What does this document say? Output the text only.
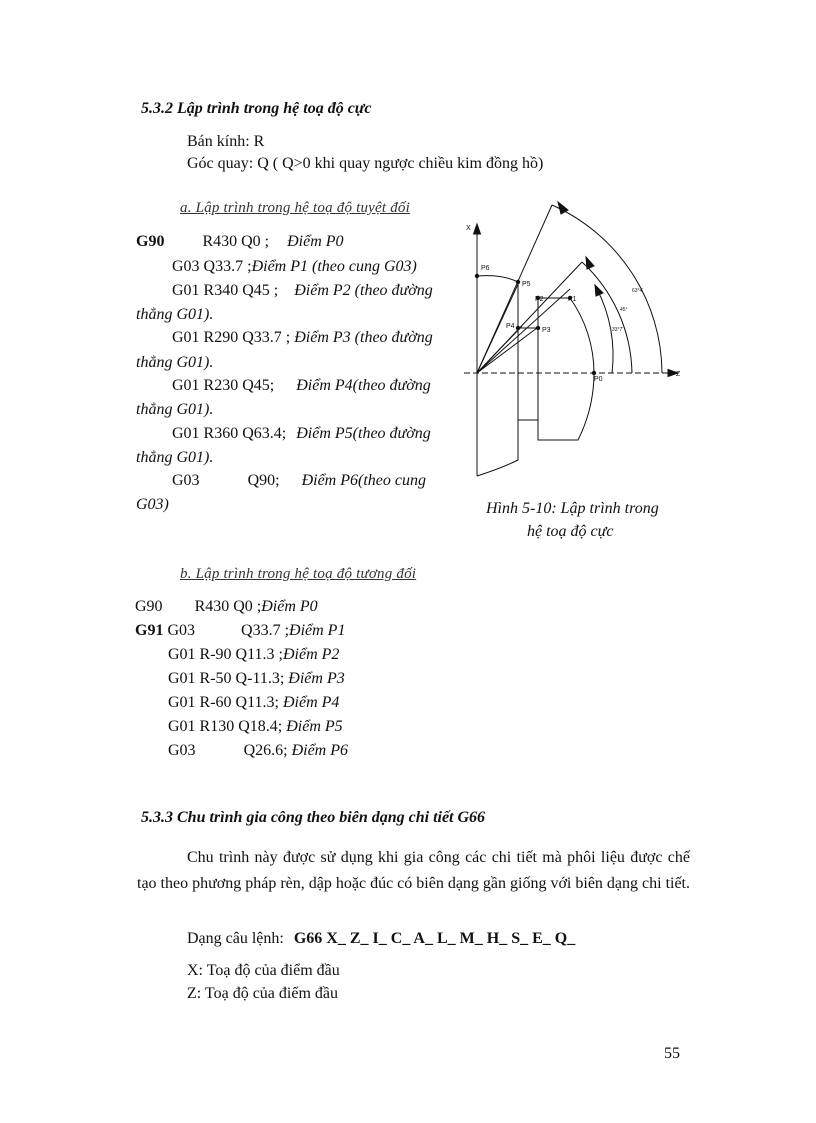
5.3.2 Lập trình trong hệ toạ độ cực
Bán kính: R
Góc quay: Q ( Q>0 khi quay ngược chiều kim đồng hồ)
a. Lập trình trong hệ toạ độ tuyệt đối
G90 R430 Q0 ; Điểm P0
G03 Q33.7 ;Điểm P1 (theo cung G03)
G01 R340 Q45 ; Điểm P2 (theo đường
thẳng G01).
G01 R290 Q33.7 ; Điểm P3 (theo đường
thẳng G01).
G01 R230 Q45; Điểm P4(theo đường
thẳng G01).
G01 R360 Q63.4; Điểm P5(theo đường
thẳng G01).
G03	Q90; Điểm P6(theo cung
G03)
X
Z
P6
P5
P2	P1
P4
P3
P0
63°4'
45°
33°7'
Hình 5-10: Lập trình trong
hệ toạ độ cực
b. Lập trình trong hệ toạ độ tương đối
G90 R430 Q0 ;Điểm P0
G91 G03	Q33.7 ;Điểm P1
G01 R-90 Q11.3 ;Điểm P2
G01 R-50 Q-11.3; Điểm P3
G01 R-60 Q11.3; Điểm P4
G01 R130 Q18.4; Điểm P5
G03	Q26.6; Điểm P6
5.3.3 Chu trình gia công theo biên dạng chi tiết G66
Chu trình này được sử dụng khi gia công các chi tiết mà phôi liệu được chế tạo theo phương pháp rèn, dập hoặc đúc có biên dạng gần giống với biên dạng chi tiết.
Dạng câu lệnh: G66 X_ Z_ I_ C_ A_ L_ M_ H_ S_ E_ Q_
X: Toạ độ của điểm đầu
Z: Toạ độ của điểm đầu
55
